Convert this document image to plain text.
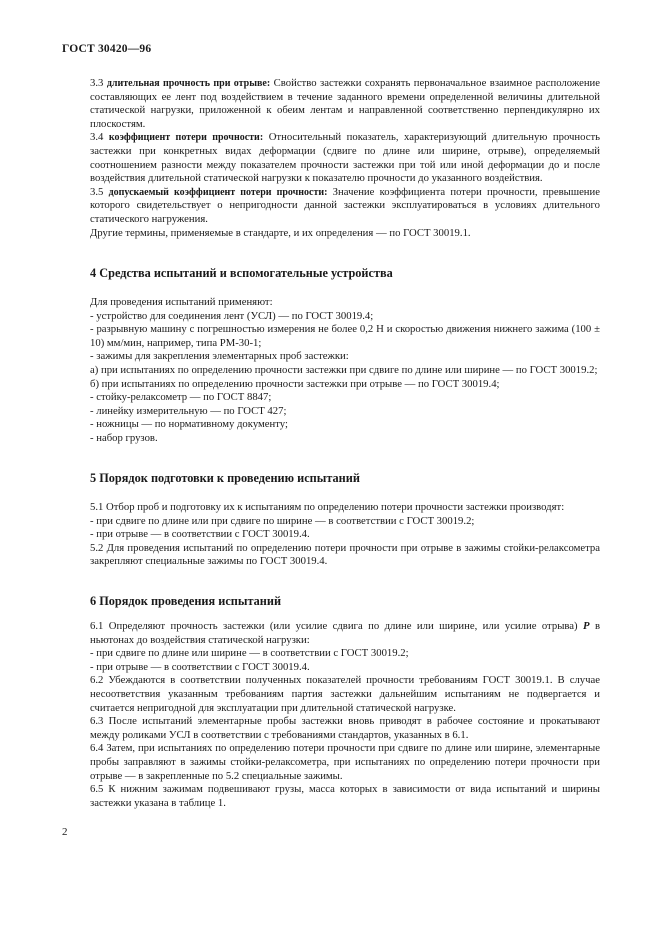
ГОСТ 30420—96

3.3 длительная прочность при отрыве: Свойство застежки сохранять первоначальное взаимное расположение составляющих ее лент под воздействием в течение заданного времени определенной величины длительной статической нагрузки, приложенной к обеим лентам и направленной соответственно перпендикулярно их плоскостям.

3.4 коэффициент потери прочности: Относительный показатель, характеризующий длительную прочность застежки при конкретных видах деформации (сдвиге по длине или ширине, отрыве), определяемый соотношением разности между показателем прочности застежки при той или иной деформации до и после воздействия длительной статической нагрузки к показателю прочности до указанного воздействия.

3.5 допускаемый коэффициент потери прочности: Значение коэффициента потери прочности, превышение которого свидетельствует о непригодности данной застежки эксплуатироваться в условиях длительного статического нагружения.

Другие термины, применяемые в стандарте, и их определения — по ГОСТ 30019.1.

4 Средства испытаний и вспомогательные устройства

Для проведения испытаний применяют:

- устройство для соединения лент (УСЛ) — по ГОСТ 30019.4;

- разрывную машину с погрешностью измерения не более 0,2 Н и скоростью движения нижнего зажима (100 ± 10) мм/мин, например, типа РМ-30-1;

- зажимы для закрепления элементарных проб застежки:

а) при испытаниях по определению прочности застежки при сдвиге по длине или ширине — по ГОСТ 30019.2;

б) при испытаниях по определению прочности застежки при отрыве — по ГОСТ 30019.4;

- стойку-релаксометр — по ГОСТ 8847;

- линейку измерительную — по ГОСТ 427;

- ножницы — по нормативному документу;

- набор грузов.

5 Порядок подготовки к проведению испытаний

5.1 Отбор проб и подготовку их к испытаниям по определению потери прочности застежки производят:

- при сдвиге по длине или при сдвиге по ширине — в соответствии с ГОСТ 30019.2;

- при отрыве — в соответствии с ГОСТ 30019.4.

5.2 Для проведения испытаний по определению потери прочности при отрыве в зажимы стойки-релаксометра закрепляют специальные зажимы по ГОСТ 30019.4.

6 Порядок проведения испытаний

6.1 Определяют прочность застежки (или усилие сдвига по длине или ширине, или усилие отрыва) Р в ньютонах до воздействия статической нагрузки:

- при сдвиге по длине или ширине — в соответствии с ГОСТ 30019.2;

- при отрыве — в соответствии с ГОСТ 30019.4.

6.2 Убеждаются в соответствии полученных показателей прочности требованиям ГОСТ 30019.1. В случае несоответствия указанным требованиям партия застежки дальнейшим испытаниям не подвергается и считается непригодной для эксплуатации при длительной статической нагрузке.

6.3 После испытаний элементарные пробы застежки вновь приводят в рабочее состояние и прокатывают между роликами УСЛ в соответствии с требованиями стандартов, указанных в 6.1.

6.4 Затем, при испытаниях по определению потери прочности при сдвиге по длине или ширине, элементарные пробы заправляют в зажимы стойки-релаксометра, при испытаниях по определению потери прочности при отрыве — в закрепленные по 5.2 специальные зажимы.

6.5 К нижним зажимам подвешивают грузы, масса которых в зависимости от вида испытаний и ширины застежки указана в таблице 1.

2
